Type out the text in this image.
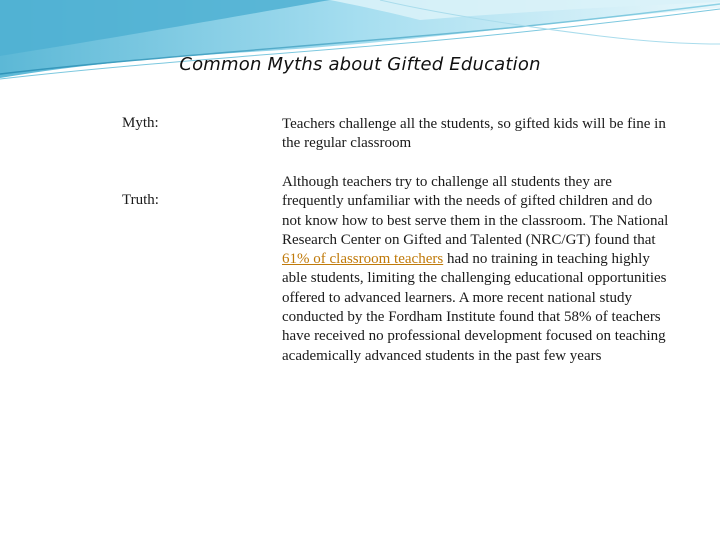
Common Myths about Gifted Education
Myth:	Teachers challenge all the students, so gifted kids will be fine in the regular classroom
Truth:
Although teachers try to challenge all students they are frequently unfamiliar with the needs of gifted children and do not know how to best serve them in the classroom. The National Research Center on Gifted and Talented (NRC/GT) found that 61% of classroom teachers had no training in teaching highly able students, limiting the challenging educational opportunities offered to advanced learners. A more recent national study conducted by the Fordham Institute found that 58% of teachers have received no professional development focused on teaching academically advanced students in the past few years
